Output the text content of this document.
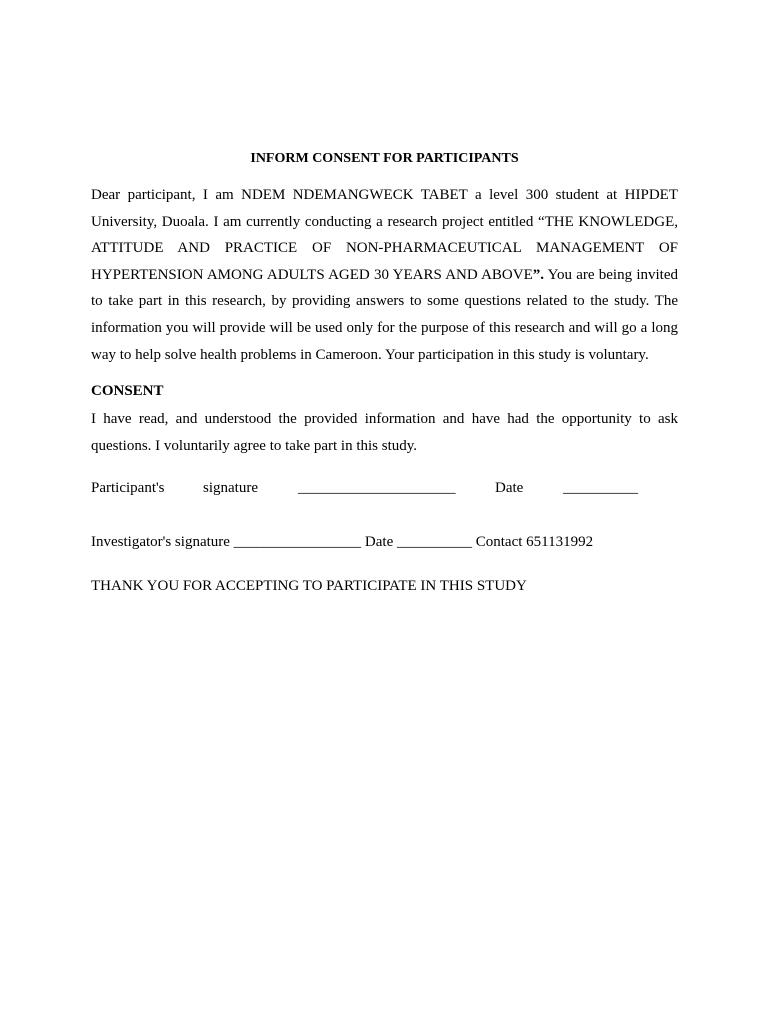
INFORM CONSENT FOR PARTICIPANTS

Dear participant, I am NDEM NDEMANGWECK TABET a level 300 student at HIPDET University, Duoala. I am currently conducting a research project entitled “THE KNOWLEDGE, ATTITUDE AND PRACTICE OF NON-PHARMACEUTICAL MANAGEMENT OF HYPERTENSION AMONG ADULTS AGED 30 YEARS AND ABOVE”. You are being invited to take part in this research, by providing answers to some questions related to the study. The information you will provide will be used only for the purpose of this research and will go a long way to help solve health problems in Cameroon. Your participation in this study is voluntary.

CONSENT

I have read, and understood the provided information and have had the opportunity to ask questions. I voluntarily agree to take part in this study.

Participant's	signature	_____________________	Date	__________
Investigator's signature _________________ Date __________ Contact 651131992

THANK YOU FOR ACCEPTING TO PARTICIPATE IN THIS STUDY
